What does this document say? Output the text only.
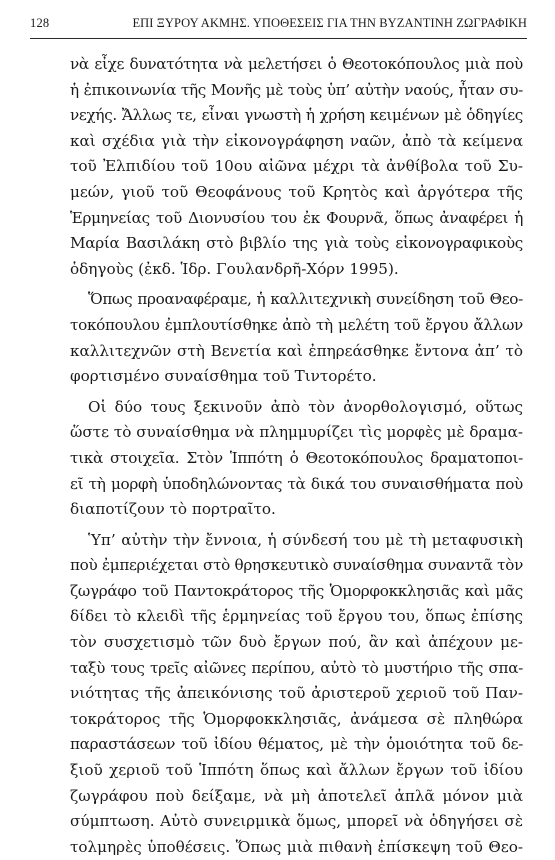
128	ΕΠΙ ΞΥΡΟΥ ΑΚΜΗΣ. ΥΠΟΘΕΣΕΙΣ ΓΙΑ ΤΗΝ ΒΥΖΑΝΤΙΝΗ ΖΩΓΡΑΦΙΚΗ

νὰ εἶχε δυνατότητα νὰ μελετήσει ὁ Θεοτοκόπουλος μιὰ ποὺ
ἡ ἐπικοινωνία τῆς Μονῆς μὲ τοὺς ὑπ’ αὐτὴν ναούς, ἦταν συ-
νεχής. Ἄλλως τε, εἶναι γνωστὴ ἡ χρήση κειμένων μὲ ὁδηγίες
καὶ σχέδια γιὰ τὴν εἰκονογράφηση ναῶν, ἀπὸ τὰ κείμενα
τοῦ Ἐλπιδίου τοῦ 10ου αἰῶνα μέχρι τὰ ἀνθίβολα τοῦ Συ-
μεών, γιοῦ τοῦ Θεοφάνους τοῦ Κρητὸς καὶ ἀργότερα τῆς
Ἑρμηνείας τοῦ Διονυσίου του ἐκ Φουρνᾶ, ὅπως ἀναφέρει ἡ
Μαρία Βασιλάκη στὸ βιβλίο της γιὰ τοὺς εἰκονογραφικοὺς
ὁδηγοὺς (ἐκδ. Ἱδρ. Γουλανδρῆ-Χόρν 1995).

Ὅπως προαναφέραμε, ἡ καλλιτεχνικὴ συνείδηση τοῦ Θεο-
τοκόπουλου ἐμπλουτίσθηκε ἀπὸ τὴ μελέτη τοῦ ἔργου ἄλλων
καλλιτεχνῶν στὴ Βενετία καὶ ἐπηρεάσθηκε ἔντονα ἀπ’ τὸ
φορτισμένο συναίσθημα τοῦ Τιντορέτο.

Οἱ δύο τους ξεκινοῦν ἀπὸ τὸν ἀνορθολογισμό, οὕτως
ὥστε τὸ συναίσθημα νὰ πλημμυρίζει τὶς μορφὲς μὲ δραμα-
τικὰ στοιχεῖα. Στὸν Ἱππότη ὁ Θεοτοκόπουλος δραματοποι-
εῖ τὴ μορφὴ ὑποδηλώνοντας τὰ δικά του συναισθήματα ποὺ
διαποτίζουν τὸ πορτραῖτο.

Ὑπ’ αὐτὴν τὴν ἔννοια, ἡ σύνδεσή του μὲ τὴ μεταφυσικὴ
ποὺ ἐμπεριέχεται στὸ θρησκευτικὸ συναίσθημα συναντᾶ τὸν
ζωγράφο τοῦ Παντοκράτορος τῆς Ὁμορφοκκλησιᾶς καὶ μᾶς
δίδει τὸ κλειδὶ τῆς ἑρμηνείας τοῦ ἔργου του, ὅπως ἐπίσης
τὸν συσχετισμὸ τῶν δυὸ ἔργων πού, ἂν καὶ ἀπέχουν με-
ταξὺ τους τρεῖς αἰῶνες περίπου, αὐτὸ τὸ μυστήριο τῆς σπα-
νιότητας τῆς ἀπεικόνισης τοῦ ἀριστεροῦ χεριοῦ τοῦ Παν-
τοκράτορος τῆς Ὁμορφοκκλησιᾶς, ἀνάμεσα σὲ πληθώρα
παραστάσεων τοῦ ἰδίου θέματος, μὲ τὴν ὁμοιότητα τοῦ δε-
ξιοῦ χεριοῦ τοῦ Ἱππότη ὅπως καὶ ἄλλων ἔργων τοῦ ἰδίου
ζωγράφου ποὺ δείξαμε, νὰ μὴ ἀποτελεῖ ἁπλᾶ μόνον μιὰ
σύμπτωση. Αὐτὸ συνειρμικὰ ὅμως, μπορεῖ νὰ ὁδηγήσει σὲ
τολμηρὲς ὑποθέσεις. Ὅπως μιὰ πιθανὴ ἐπίσκεψη τοῦ Θεο-
